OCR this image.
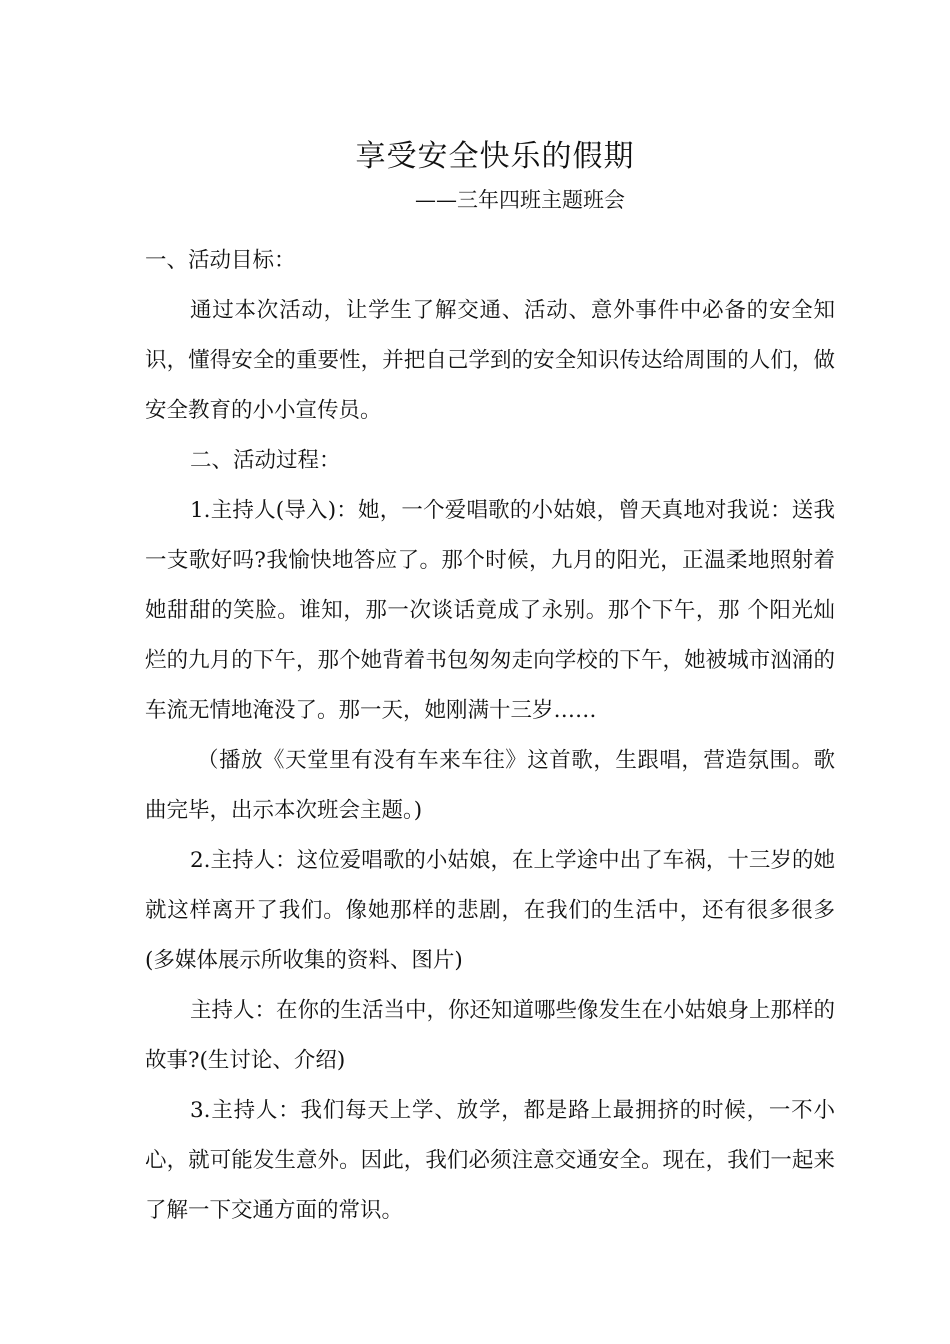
享受安全快乐的假期
——三年四班主题班会

一、活动目标：

通过本次活动，让学生了解交通、活动、意外事件中必备的安全知识，懂得安全的重要性，并把自己学到的安全知识传达给周围的人们，做安全教育的小小宣传员。

二、活动过程：

1.主持人(导入)：她，一个爱唱歌的小姑娘，曾天真地对我说：送我一支歌好吗?我愉快地答应了。那个时候，九月的阳光，正温柔地照射着她甜甜的笑脸。谁知，那一次谈话竟成了永别。那个下午，那 个阳光灿烂的九月的下午，那个她背着书包匆匆走向学校的下午，她被城市汹涌的车流无情地淹没了。那一天，她刚满十三岁……

（播放《天堂里有没有车来车往》这首歌，生跟唱，营造氛围。歌曲完毕，出示本次班会主题。)

2.主持人：这位爱唱歌的小姑娘，在上学途中出了车祸，十三岁的她就这样离开了我们。像她那样的悲剧，在我们的生活中，还有很多很多(多媒体展示所收集的资料、图片)

主持人：在你的生活当中，你还知道哪些像发生在小姑娘身上那样的故事?(生讨论、介绍)

3.主持人：我们每天上学、放学，都是路上最拥挤的时候，一不小心，就可能发生意外。因此，我们必须注意交通安全。现在，我们一起来了解一下交通方面的常识。
